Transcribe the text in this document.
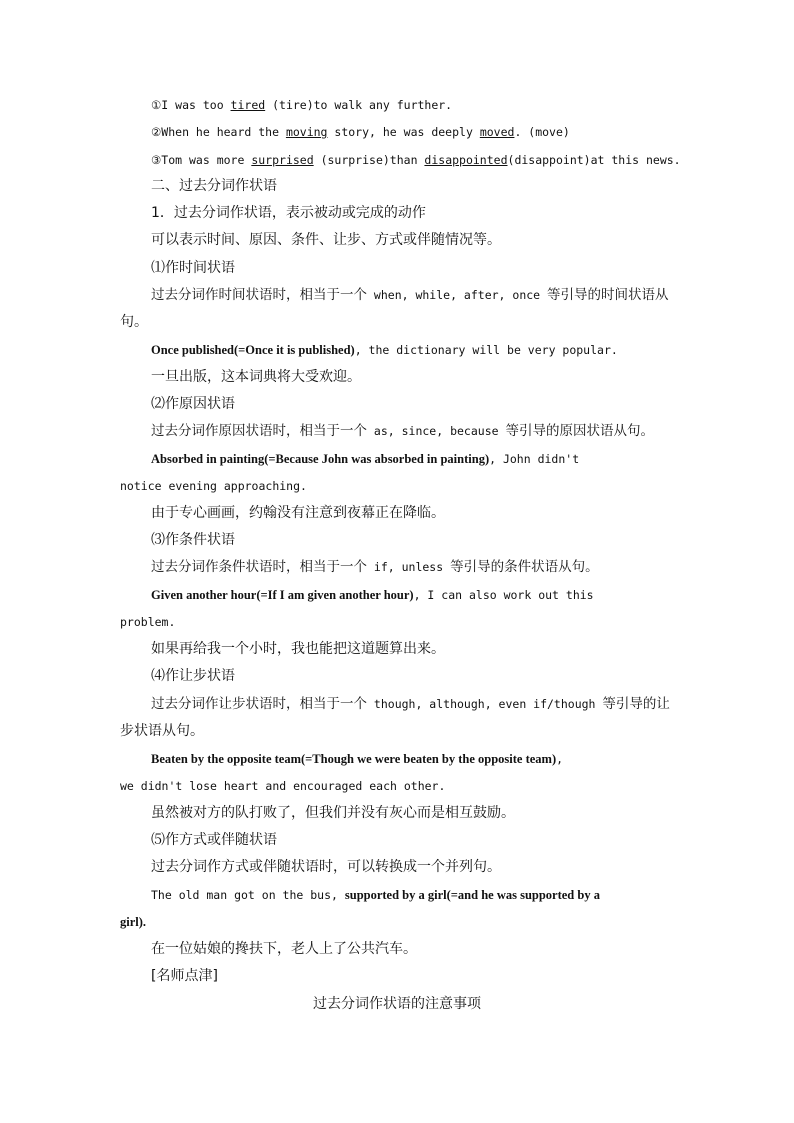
①I was too tired (tire)to walk any further.
②When he heard the moving story, he was deeply moved. (move)
③Tom was more surprised (surprise)than disappointed(disappoint)at this news.
二、过去分词作状语
1．过去分词作状语，表示被动或完成的动作
可以表示时间、原因、条件、让步、方式或伴随情况等。
⑴作时间状语
过去分词作时间状语时，相当于一个 when, while, after, once 等引导的时间状语从
句。
Once published(=Once it is published), the dictionary will be very popular.
一旦出版，这本词典将大受欢迎。
⑵作原因状语
过去分词作原因状语时，相当于一个 as, since, because 等引导的原因状语从句。
Absorbed in painting(=Because John was absorbed in painting), John didn't
notice evening approaching.
由于专心画画，约翰没有注意到夜幕正在降临。
⑶作条件状语
过去分词作条件状语时，相当于一个 if, unless 等引导的条件状语从句。
Given another hour(=If I am given another hour), I can also work out this
problem.
如果再给我一个小时，我也能把这道题算出来。
⑷作让步状语
过去分词作让步状语时，相当于一个 though, although, even if/though 等引导的让
步状语从句。
Beaten by the opposite team(=Though we were beaten by the opposite team),
we didn't lose heart and encouraged each other.
虽然被对方的队打败了，但我们并没有灰心而是相互鼓励。
⑸作方式或伴随状语
过去分词作方式或伴随状语时，可以转换成一个并列句。
The old man got on the bus, supported by a girl(=and he was supported by a
girl).
在一位姑娘的搀扶下，老人上了公共汽车。
[名师点津]
过去分词作状语的注意事项
